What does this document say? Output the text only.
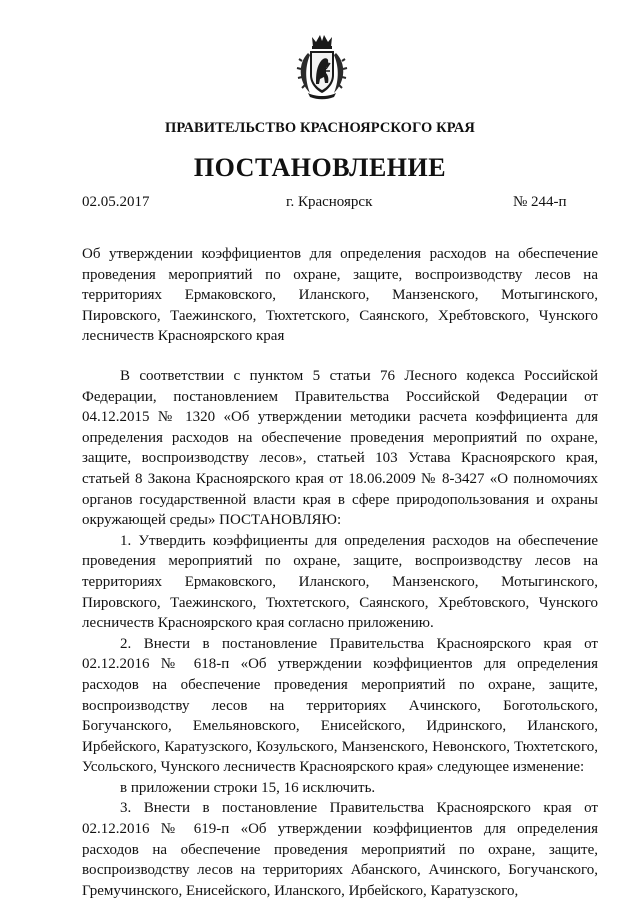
ПРАВИТЕЛЬСТВО КРАСНОЯРСКОГО КРАЯ
ПОСТАНОВЛЕНИЕ
02.05.2017	г. Красноярск	№ 244-п

Об утверждении коэффициентов для определения расходов на обеспечение проведения мероприятий по охране, защите, воспроизводству лесов на территориях Ермаковского, Иланского, Манзенского, Мотыгинского, Пировского, Таежинского, Тюхтетского, Саянского, Хребтовского, Чунского лесничеств Красноярского края

В соответствии с пунктом 5 статьи 76 Лесного кодекса Российской Федерации, постановлением Правительства Российской Федерации от 04.12.2015 № 1320 «Об утверждении методики расчета коэффициента для определения расходов на обеспечение проведения мероприятий по охране, защите, воспроизводству лесов», статьей 103 Устава Красноярского края, статьей 8 Закона Красноярского края от 18.06.2009 № 8-3427 «О полномочиях органов государственной власти края в сфере природопользования и охраны окружающей среды» ПОСТАНОВЛЯЮ:

1. Утвердить коэффициенты для определения расходов на обеспечение проведения мероприятий по охране, защите, воспроизводству лесов на территориях Ермаковского, Иланского, Манзенского, Мотыгинского, Пировского, Таежинского, Тюхтетского, Саянского, Хребтовского, Чунского лесничеств Красноярского края согласно приложению.

2. Внести в постановление Правительства Красноярского края от 02.12.2016 № 618-п «Об утверждении коэффициентов для определения расходов на обеспечение проведения мероприятий по охране, защите, воспроизводству лесов на территориях Ачинского, Боготольского, Богучанского, Емельяновского, Енисейского, Идринского, Иланского, Ирбейского, Каратузского, Козульского, Манзенского, Невонского, Тюхтетского, Усольского, Чунского лесничеств Красноярского края» следующее изменение:

в приложении строки 15, 16 исключить.

3. Внести в постановление Правительства Красноярского края от 02.12.2016 № 619-п «Об утверждении коэффициентов для определения расходов на обеспечение проведения мероприятий по охране, защите, воспроизводству лесов на территориях Абанского, Ачинского, Богучанского, Гремучинского, Енисейского, Иланского, Ирбейского, Каратузского,
